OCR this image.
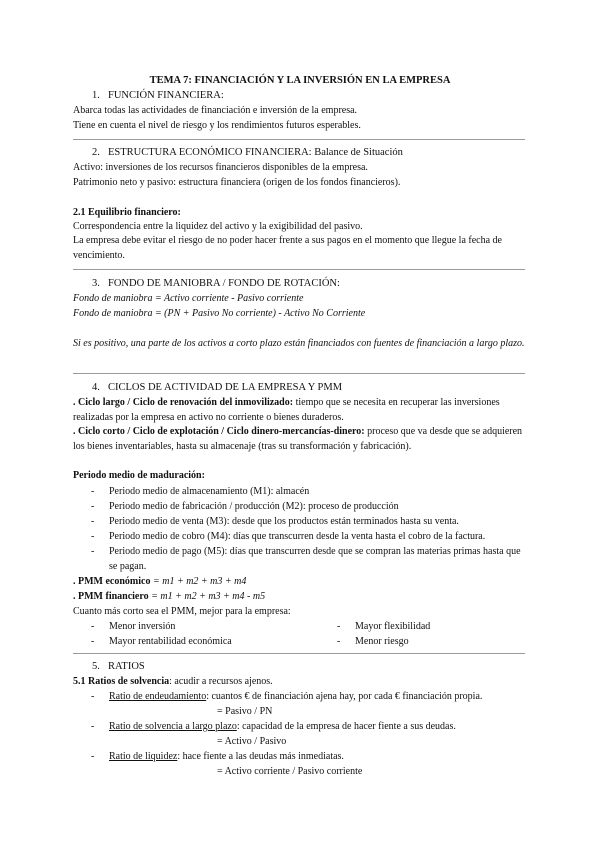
TEMA 7: FINANCIACIÓN Y LA INVERSIÓN EN LA EMPRESA
1. FUNCIÓN FINANCIERA:
Abarca todas las actividades de financiación e inversión de la empresa.
Tiene en cuenta el nivel de riesgo y los rendimientos futuros esperables.
2. ESTRUCTURA ECONÓMICO FINANCIERA: Balance de Situación
Activo: inversiones de los recursos financieros disponibles de la empresa.
Patrimonio neto y pasivo: estructura financiera (origen de los fondos financieros).
2.1 Equilibrio financiero:
Correspondencia entre la liquidez del activo y la exigibilidad del pasivo.
La empresa debe evitar el riesgo de no poder hacer frente a sus pagos en el momento que llegue la fecha de vencimiento.
3. FONDO DE MANIOBRA / FONDO DE ROTACIÓN:
Fondo de maniobra = Activo corriente - Pasivo corriente
Fondo de maniobra = (PN + Pasivo No corriente) - Activo No Corriente
Si es positivo, una parte de los activos a corto plazo están financiados con fuentes de financiación a largo plazo.
4. CICLOS DE ACTIVIDAD DE LA EMPRESA Y PMM
. Ciclo largo / Ciclo de renovación del inmovilizado: tiempo que se necesita en recuperar las inversiones realizadas por la empresa en activo no corriente o bienes duraderos.
. Ciclo corto / Ciclo de explotación / Ciclo dinero-mercancías-dinero: proceso que va desde que se adquieren los bienes inventariables, hasta su almacenaje (tras su transformación y fabricación).
Periodo medio de maduración:
- Periodo medio de almacenamiento (M1): almacén
- Periodo medio de fabricación / producción (M2): proceso de producción
- Periodo medio de venta (M3): desde que los productos están terminados hasta su venta.
- Periodo medio de cobro (M4): días que transcurren desde la venta hasta el cobro de la factura.
- Periodo medio de pago (M5): días que transcurren desde que se compran las materias primas hasta que se pagan.
. PMM económico = m1 + m2 + m3 + m4
. PMM financiero = m1 + m2 + m3 + m4 - m5
Cuanto más corto sea el PMM, mejor para la empresa:
- Menor inversión	- Mayor flexibilidad
- Mayor rentabilidad económica	- Menor riesgo
5. RATIOS
5.1 Ratios de solvencia: acudir a recursos ajenos.
- Ratio de endeudamiento: cuantos € de financiación ajena hay, por cada € financiación propia.
= Pasivo / PN
- Ratio de solvencia a largo plazo: capacidad de la empresa de hacer fiente a sus deudas.
= Activo / Pasivo
- Ratio de liquidez: hace fiente a las deudas más inmediatas.
= Activo corriente / Pasivo corriente
